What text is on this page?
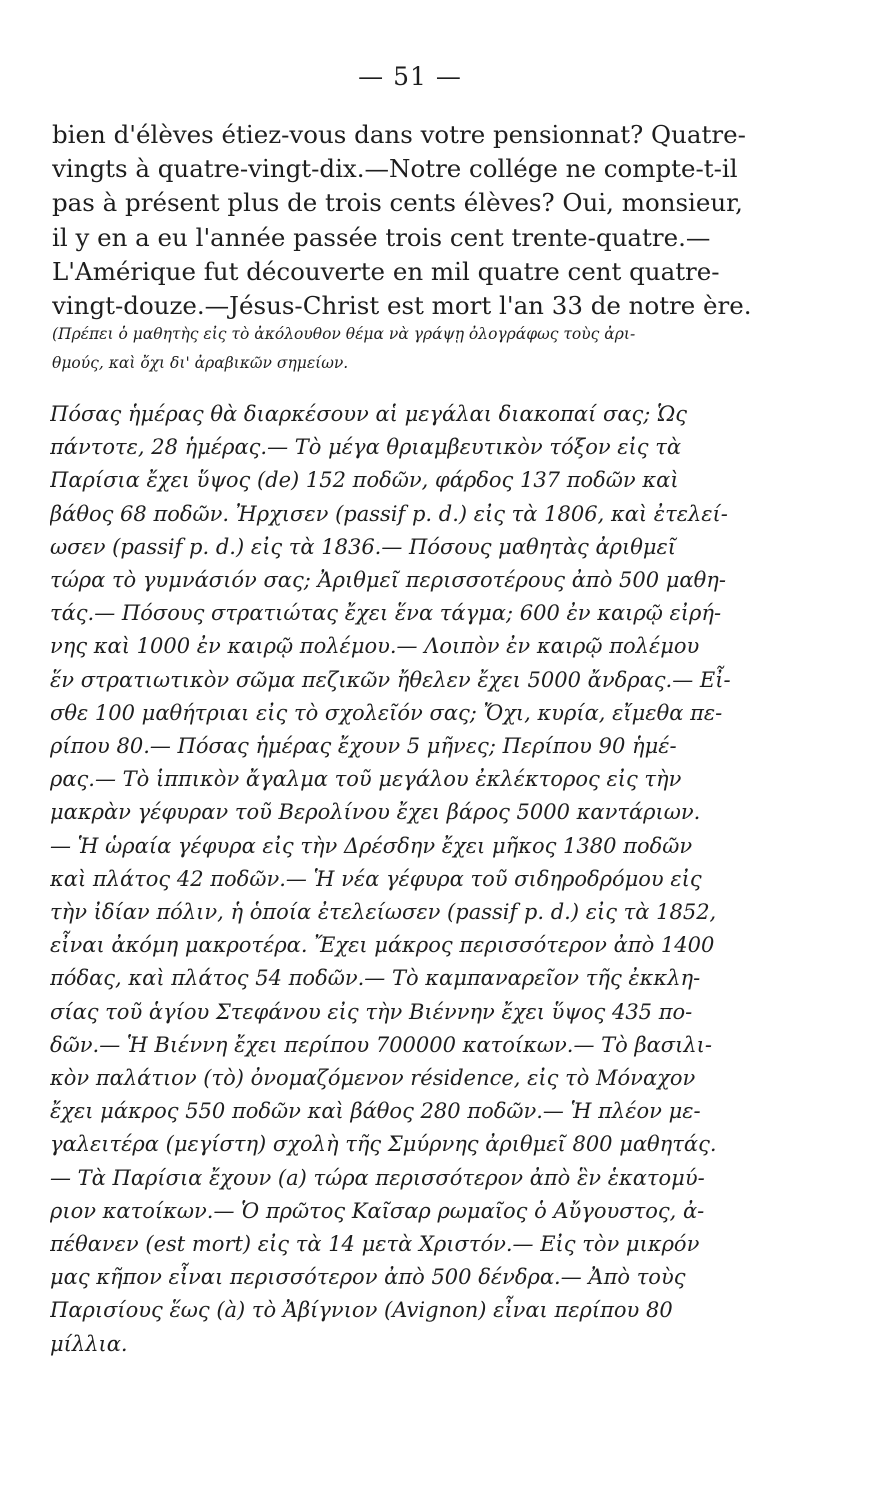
— 51 —
bien d'élèves étiez-vous dans votre pensionnat? Quatre-
vingts à quatre-vingt-dix.—Notre collége ne compte-t-il
pas à présent plus de trois cents élèves? Oui, monsieur,
il y en a eu l'année passée trois cent trente-quatre.—
L'Amérique fut découverte en mil quatre cent quatre-
vingt-douze.—Jésus-Christ est mort l'an 33 de notre ère.
(Πρέπει ὁ μαθητὴς εἰς τὸ ἀκόλουθον θέμα νὰ γράψῃ ὀλογράφως τοὺς ἀρι-
θμούς, καὶ ὄχι δι' ἀραβικῶν σημείων.
Πόσας ἡμέρας θὰ διαρκέσουν αἱ μεγάλαι διακοπαί σας; Ὡς
πάντοτε, 28 ἡμέρας.— Τὸ μέγα θριαμβευτικὸν τόξον εἰς τὰ
Παρίσια ἔχει ὕψος (de) 152 ποδῶν, φάρδος 137 ποδῶν καὶ
βάθος 68 ποδῶν. Ἠρχισεν (passif p. d.) εἰς τὰ 1806, καὶ ἐτελεί-
ωσεν (passif p. d.) εἰς τὰ 1836.— Πόσους μαθητὰς ἀριθμεῖ
τώρα τὸ γυμνάσιόν σας; Ἀριθμεῖ περισσοτέρους ἀπὸ 500 μαθη-
τάς.— Πόσους στρατιώτας ἔχει ἕνα τάγμα; 600 ἐν καιρῷ εἰρή-
νης καὶ 1000 ἐν καιρῷ πολέμου.— Λοιπὸν ἐν καιρῷ πολέμου
ἕν στρατιωτικὸν σῶμα πεζικῶν ἤθελεν ἔχει 5000 ἄνδρας.— Εἶ-
σθε 100 μαθήτριαι εἰς τὸ σχολεῖόν σας; Ὄχι, κυρία, εἴμεθα πε-
ρίπου 80.— Πόσας ἡμέρας ἔχουν 5 μῆνες; Περίπου 90 ἡμέ-
ρας.— Τὸ ἱππικὸν ἄγαλμα τοῦ μεγάλου ἐκλέκτορος εἰς τὴν
μακρὰν γέφυραν τοῦ Βερολίνου ἔχει βάρος 5000 καντάριων.
— Ἡ ὡραία γέφυρα εἰς τὴν Δρέσδην ἔχει μῆκος 1380 ποδῶν
καὶ πλάτος 42 ποδῶν.— Ἡ νέα γέφυρα τοῦ σιδηροδρόμου εἰς
τὴν ἰδίαν πόλιν, ἡ ὁποία ἐτελείωσεν (passif p. d.) εἰς τὰ 1852,
εἶναι ἀκόμη μακροτέρα. Ἔχει μάκρος περισσότερον ἀπὸ 1400
πόδας, καὶ πλάτος 54 ποδῶν.— Τὸ καμπαναρεῖον τῆς ἐκκλη-
σίας τοῦ ἁγίου Στεφάνου εἰς τὴν Βιέννην ἔχει ὕψος 435 πο-
δῶν.— Ἡ Βιέννη ἔχει περίπου 700000 κατοίκων.— Τὸ βασιλι-
κὸν παλάτιον (τὸ) ὀνομαζόμενον résidence, εἰς τὸ Μόναχον
ἔχει μάκρος 550 ποδῶν καὶ βάθος 280 ποδῶν.— Ἡ πλέον με-
γαλειτέρα (μεγίστη) σχολὴ τῆς Σμύρνης ἀριθμεῖ 800 μαθητάς.
— Τὰ Παρίσια ἔχουν (a) τώρα περισσότερον ἀπὸ ἓν ἑκατομύ-
ριον κατοίκων.— Ὁ πρῶτος Καῖσαρ ρωμαῖος ὁ Αὔγουστος, ἀ-
πέθανεν (est mort) εἰς τὰ 14 μετὰ Χριστόν.— Εἰς τὸν μικρόν
μας κῆπον εἶναι περισσότερον ἀπὸ 500 δένδρα.— Ἀπὸ τοὺς
Παρισίους ἕως (à) τὸ Ἀβίγνιον (Avignon) εἶναι περίπου 80
μίλλια.
